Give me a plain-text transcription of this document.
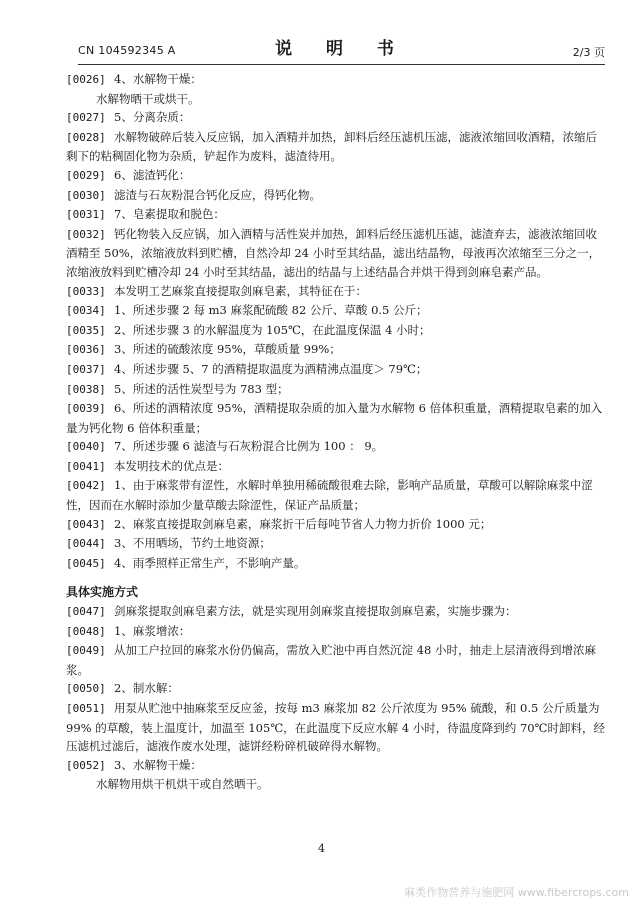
CN 104592345 A	说 明 书	2/3 页
[0026] 4、水解物干燥：
水解物晒干或烘干。
[0027] 5、分离杂质：
[0028] 水解物破碎后装入反应锅，加入酒精并加热，卸料后经压滤机压滤，滤液浓缩回收酒精，浓缩后剩下的粘稠固化物为杂质，铲起作为废料，滤渣待用。
[0029] 6、滤渣钙化：
[0030] 滤渣与石灰粉混合钙化反应，得钙化物。
[0031] 7、皂素提取和脱色：
[0032] 钙化物装入反应锅，加入酒精与活性炭并加热，卸料后经压滤机压滤，滤渣弃去，滤液浓缩回收酒精至 50%，浓缩液放料到贮槽，自然冷却 24 小时至其结晶，滤出结晶物，母液再次浓缩至三分之一，浓缩液放料到贮槽冷却 24 小时至其结晶，滤出的结晶与上述结晶合并烘干得到剑麻皂素产品。
[0033] 本发明工艺麻浆直接提取剑麻皂素，其特征在于：
[0034] 1、所述步骤 2 每 m3 麻浆配硫酸 82 公斤、草酸 0.5 公斤；
[0035] 2、所述步骤 3 的水解温度为 105℃，在此温度保温 4 小时；
[0036] 3、所述的硫酸浓度 95%，草酸质量 99%；
[0037] 4、所述步骤 5、7 的酒精提取温度为酒精沸点温度＞ 79℃；
[0038] 5、所述的活性炭型号为 783 型；
[0039] 6、所述的酒精浓度 95%，酒精提取杂质的加入量为水解物 6 倍体积重量，酒精提取皂素的加入量为钙化物 6 倍体积重量；
[0040] 7、所述步骤 6 滤渣与石灰粉混合比例为 100 ： 9。
[0041] 本发明技术的优点是：
[0042] 1、由于麻浆带有涩性，水解时单独用稀硫酸很难去除，影响产品质量，草酸可以解除麻浆中涩性，因而在水解时添加少量草酸去除涩性，保证产品质量；
[0043] 2、麻浆直接提取剑麻皂素，麻浆折干后每吨节省人力物力折价 1000 元；
[0044] 3、不用晒场，节约土地资源；
[0045] 4、雨季照样正常生产，不影响产量。
具体实施方式
[0047] 剑麻浆提取剑麻皂素方法，就是实现用剑麻浆直接提取剑麻皂素，实施步骤为：
[0048] 1、麻浆增浓：
[0049] 从加工户拉回的麻浆水份仍偏高，需放入贮池中再自然沉淀 48 小时，抽走上层清液得到增浓麻浆。
[0050] 2、制水解：
[0051] 用泵从贮池中抽麻浆至反应釜，按每 m3 麻浆加 82 公斤浓度为 95% 硫酸，和 0.5 公斤质量为 99% 的草酸，装上温度计，加温至 105℃，在此温度下反应水解 4 小时，待温度降到约 70℃时卸料，经压滤机过滤后，滤液作废水处理，滤饼经粉碎机破碎得水解物。
[0052] 3、水解物干燥：
水解物用烘干机烘干或自然晒干。
4
麻类作物营养与施肥网 www.fibercrops.com
